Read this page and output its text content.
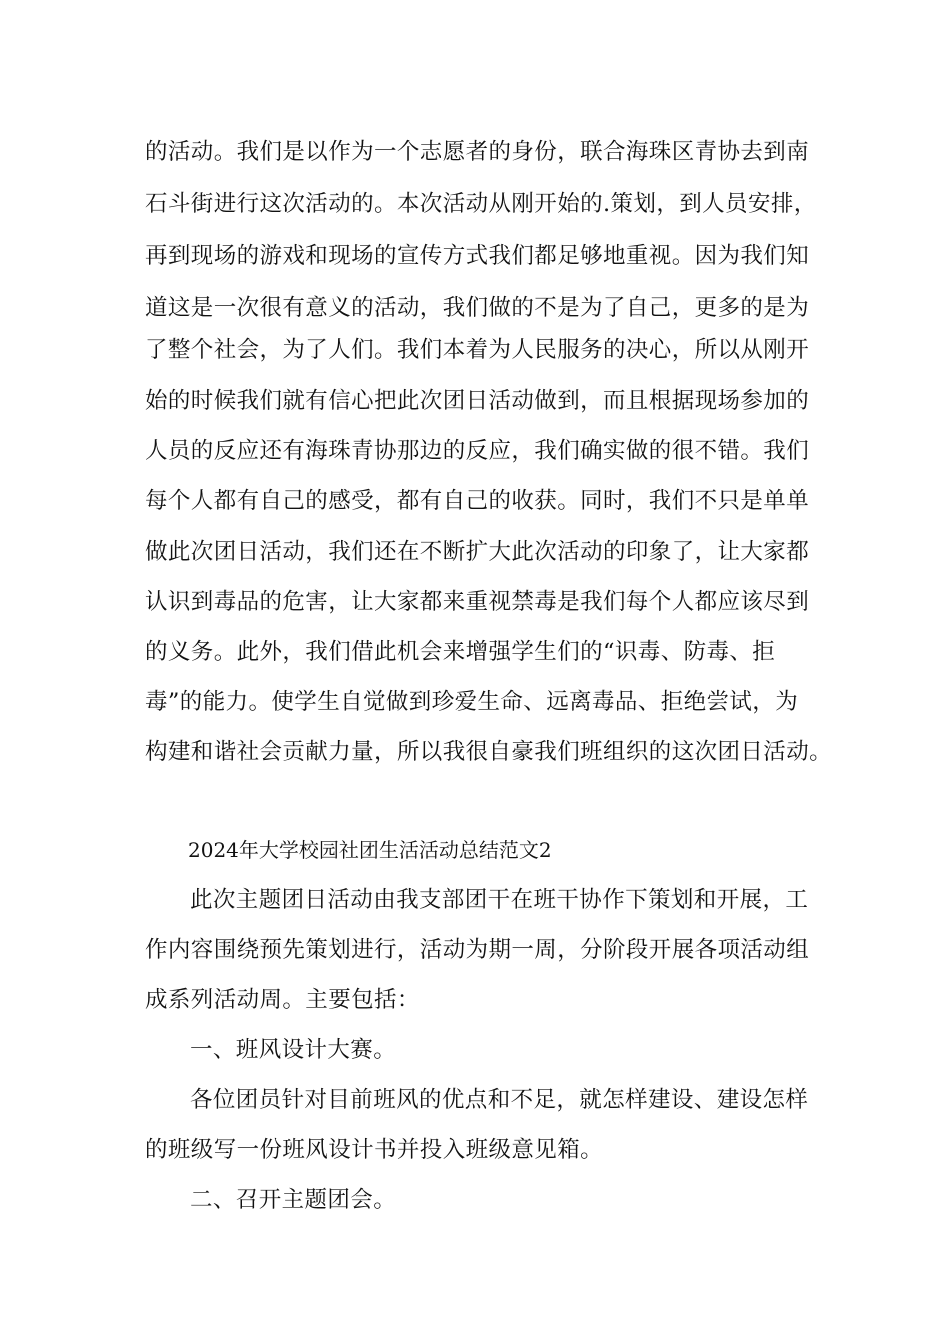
的活动。我们是以作为一个志愿者的身份，联合海珠区青协去到南
石斗街进行这次活动的。本次活动从刚开始的.策划，到人员安排，
再到现场的游戏和现场的宣传方式我们都足够地重视。因为我们知
道这是一次很有意义的活动，我们做的不是为了自己，更多的是为
了整个社会，为了人们。我们本着为人民服务的决心，所以从刚开
始的时候我们就有信心把此次团日活动做到，而且根据现场参加的
人员的反应还有海珠青协那边的反应，我们确实做的很不错。我们
每个人都有自己的感受，都有自己的收获。同时，我们不只是单单
做此次团日活动，我们还在不断扩大此次活动的印象了，让大家都
认识到毒品的危害，让大家都来重视禁毒是我们每个人都应该尽到
的义务。此外，我们借此机会来增强学生们的“识毒、防毒、拒
毒”的能力。使学生自觉做到珍爱生命、远离毒品、拒绝尝试，为
构建和谐社会贡献力量，所以我很自豪我们班组织的这次团日活动。
2024年大学校园社团生活活动总结范文2
此次主题团日活动由我支部团干在班干协作下策划和开展，工
作内容围绕预先策划进行，活动为期一周，分阶段开展各项活动组
成系列活动周。主要包括：
一、班风设计大赛。
各位团员针对目前班风的优点和不足，就怎样建设、建设怎样
的班级写一份班风设计书并投入班级意见箱。
二、召开主题团会。
